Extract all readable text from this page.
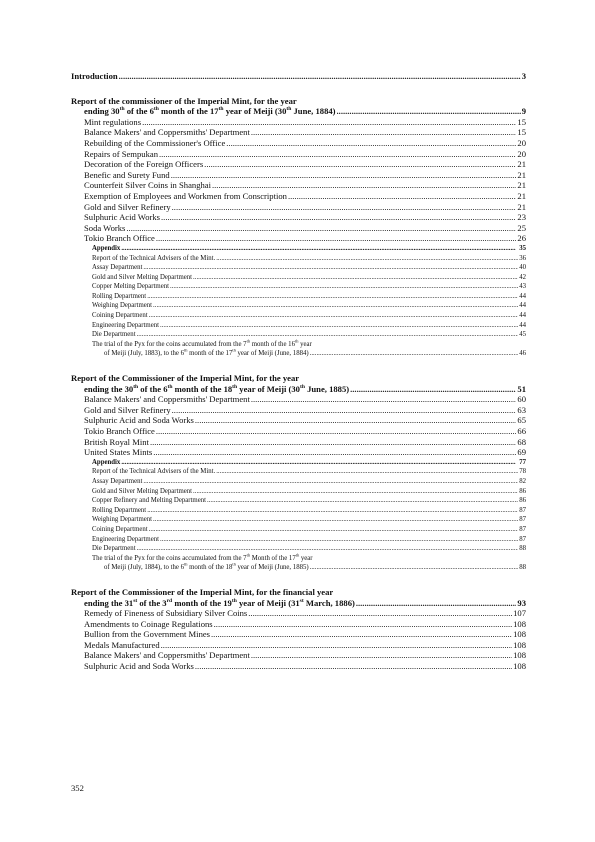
Introduction .....	3
Report of the commissioner of the Imperial Mint, for the year
ending 30th of the 6th month of the 17th year of Meiji (30th June, 1884) .....	9
Mint regulations .....	15
Balance Makers' and Coppersmiths' Department .....	15
Rebuilding of the Commissioner's Office .....	20
Repairs of Sempukan .....	20
Decoration of the Foreign Officers .....	21
Benefic and Surety Fund .....	21
Counterfeit Silver Coins in Shanghai .....	21
Exemption of Employees and Workmen from Conscription .....	21
Gold and Silver Refinery .....	21
Sulphuric Acid Works .....	23
Soda Works .....	25
Tokio Branch Office .....	26
Appendix .....	35
Report of the Technical Advisers of the Mint. .....	36
Assay Department .....	40
Gold and Silver Melting Department .....	42
Copper Melting Department .....	43
Rolling Department .....	44
Weighing Department .....	44
Coining Department .....	44
Engineering Department .....	44
Die Department .....	45
The trial of the Pyx for the coins accumulated from the 7th month of the 16th year
of Meiji (July, 1883), to the 6th month of the 17th year of Meiji (June, 1884) .....	46
Report of the Commissioner of the Imperial Mint, for the year
ending the 30th of the 6th month of the 18th year of Meiji (30th June, 1885) .....	51
Balance Makers' and Coppersmiths' Department .....	60
Gold and Silver Refinery .....	63
Sulphuric Acid and Soda Works .....	65
Tokio Branch Office .....	66
British Royal Mint .....	68
United States Mints .....	69
Appendix .....	77
Report of the Technical Advisers of the Mint. .....	78
Assay Department .....	82
Gold and Silver Melting Department .....	86
Copper Refinery and Melting Department .....	86
Rolling Department .....	87
Weighing Department .....	87
Coining Department .....	87
Engineering Department .....	87
Die Department .....	88
The trial of the Pyx for the coins accumulated from the 7th Month of the 17th year
of Meiji (July, 1884), to the 6th month of the 18th year of Meiji (June, 1885) .....	88
Report of the Commissioner of the Imperial Mint, for the financial year
ending the 31st of the 3rd month of the 19th year of Meiji (31st March, 1886) .....	93
Remedy of Fineness of Subsidiary Silver Coins .....	107
Amendments to Coinage Regulations .....	108
Bullion from the Government Mines .....	108
Medals Manufactured .....	108
Balance Makers' and Coppersmiths' Department .....	108
Sulphuric Acid and Soda Works .....	108
352
